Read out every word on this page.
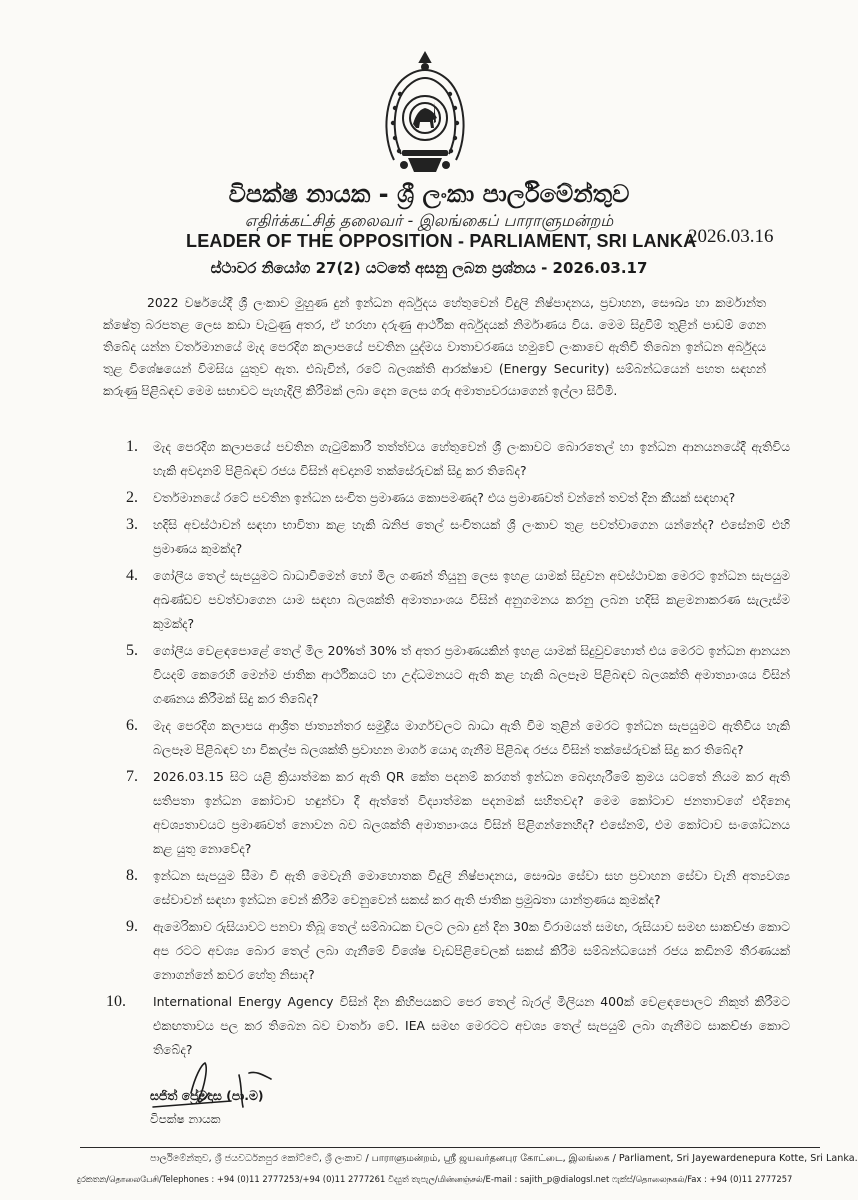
විපක්ෂ නායක - ශ්‍රී ලංකා පාර්ලිමේන්තුව
எதிர்க்கட்சித் தலைவர் - இலங்கைப் பாராளுமன்றம்
LEADER OF THE OPPOSITION - PARLIAMENT, SRI LANKA
2026.03.16
ස්ථාවර නියෝග 27(2) යටතේ අසනු ලබන ප්‍රශ්නය - 2026.03.17

2022 වර්ෂයේදී ශ්‍රී ලංකාව මුහුණ දුන් ඉන්ධන අර්බුදය හේතුවෙන් විදුලි නිෂ්පාදනය, ප්‍රවාහන, සෞඛ්‍ය හා කර්මාන්ත ක්ෂේත්‍ර බරපතළ ලෙස කඩා වැටුණු අතර, ඒ හරහා දරුණු ආර්ථික අර්බුදයක් නිර්මාණය විය. මෙම සිදුවීම් තුළින් පාඩම් ගෙන තිබේද යන්න වර්තමානයේ මැද පෙරදිග කලාපයේ පවතින යුද්මය වාතාවරණය හමුවේ ලංකාවෙ ඇතිවී තිබෙන ඉන්ධන අර්බුදය තුළ විශේෂයෙන් විමසිය යුතුව ඇත. එබැවින්, රටේ බලශක්ති ආරක්ෂාව (Energy Security) සම්බන්ධයෙන් පහත සඳහන් කරුණු පිළිබඳව මෙම සභාවට පැහැදිලි කිරීමක් ලබා දෙන ලෙස ගරු අමාත්‍යවරයාගෙන් ඉල්ලා සිටිමි.

1. මැද පෙරදිග කලාපයේ පවතින ගැටුම්කාරී තත්ත්වය හේතුවෙන් ශ්‍රී ලංකාවට බොරතෙල් හා ඉන්ධන ආනයනයේදී ඇතිවිය හැකි අවදානම් පිළිබඳව රජය විසින් අවදානම් තක්සේරුවක් සිදු කර තිබේද?
2. වර්තමානයේ රටේ පවතින ඉන්ධන සංචිත ප්‍රමාණය කොපමණද? එය ප්‍රමාණවත් වන්නේ තවත් දින කීයක් සඳහාද?
3. හදිසි අවස්ථාවන් සඳහා භාවිතා කළ හැකි ඛනිජ තෙල් සංචිතයක් ශ්‍රී ලංකාව තුළ පවත්වාගෙන යන්නේද? එසේනම් එහි ප්‍රමාණය කුමක්ද?
4. ගෝලීය තෙල් සැපයුමට බාධාවීමෙන් හෝ මිල ගණන් තියුනු ලෙස ඉහළ යාමක් සිදුවන අවස්ථාවක මෙරට ඉන්ධන සැපයුම අඛණ්ඩව පවත්වාගෙන යාම සඳහා බලශක්ති අමාත්‍යාංශය විසින් අනුගමනය කරනු ලබන හදිසි කළමනාකරණ සැලැස්ම කුමක්ද?
5. ගෝලීය වෙළඳපොළේ තෙල් මිල 20%ත් 30% ත් අතර ප්‍රමාණයකින් ඉහළ යාමක් සිදුවුවහොත් එය මෙරට ඉන්ධන ආනයන වියදම් කෙරෙහි මෙන්ම ජාතික ආර්ථිකයට හා උද්ධමනයට ඇති කළ හැකි බලපෑම පිළිබඳව බලශක්ති අමාත්‍යාංශය විසින් ගණනය කිරීමක් සිදු කර තිබේද?
6. මැද පෙරදිග කලාපය ආශ්‍රිත ජාත්‍යන්තර සමුද්‍රීය මාර්ගවලට බාධා ඇති වීම තුළින් මෙරට ඉන්ධන සැපයුමට ඇතිවිය හැකි බලපෑම පිළිබඳව හා විකල්ප බලශක්ති ප්‍රවාහන මාර්ග යොදා ගැනීම පිළිබඳ රජය විසින් තක්සේරුවක් සිදු කර තිබේද?
7. 2026.03.15 සිට යළි ක්‍රියාත්මක කර ඇති QR කේත පදනම් කරගත් ඉන්ධන බෙදාහැරීමේ ක්‍රමය යටතේ නියම කර ඇති සතිපතා ඉන්ධන කෝටාව හඳුන්වා දී ඇත්තේ විද්‍යාත්මක පදනමක් සහිතවද? මෙම කෝටාව ජනතාවගේ එදිනෙදා අවශ්‍යතාවයට ප්‍රමාණවත් නොවන බව බලශක්ති අමාත්‍යාංශය විසින් පිළිගන්නෙහිද? එසේනම්, එම කෝටාව සංශෝධනය කළ යුතු නොවේද?
8. ඉන්ධන සැපයුම සීමා වී ඇති මෙවැනි මොහොතක විදුලි නිෂ්පාදනය, සෞඛ්‍ය සේවා සහ ප්‍රවාහන සේවා වැනි අත්‍යවශ්‍ය සේවාවන් සඳහා ඉන්ධන වෙන් කිරීම වෙනුවෙන් සකස් කර ඇති ජාතික ප්‍රමුඛතා යාන්ත්‍රණය කුමක්ද?
9. ඇමෙරිකාව රුසියාවට පනවා තිබූ තෙල් සම්බාධක වලට ලබා දුන් දින 30ක විරාමයත් සමඟ, රුසියාව සමඟ සාකච්ඡා කොට අප රටට අවශ්‍ය බොර තෙල් ලබා ගැනීමේ විශේෂ වැඩපිළිවෙලක් සකස් කිරීම සම්බන්ධයෙන් රජය කඩිනම් තීරණයක් නොගන්නේ කවර හේතු නිසාද?
10. International Energy Agency විසින් දින කිහිපයකට පෙර තෙල් බැරල් මිලියන 400ක් වෙළඳපොලට නිකුත් කිරීමට එකඟතාවය පල කර තිබෙන බව වාර්තා වේ. IEA සමඟ මෙරටට අවශ්‍ය තෙල් සැපයුම් ලබා ගැනීමට සාකච්ඡා කොට තිබේද?
සජිත් ප්‍රේමදාස (පා.ම)
විපක්ෂ නායක
පාර්ලිමේන්තුව, ශ්‍රී ජයවර්ධනපුර කෝට්ටේ, ශ්‍රී ලංකාව / பாராளுமன்றம், ஸ்ரீ ஜயவர்தனபுர கோட்டை, இலங்கை / Parliament, Sri Jayewardenepura Kotte, Sri Lanka.
දුරකතන/தொலைபேசி/Telephones : +94 (0)11 2777253/+94 (0)11 2777261 විද්‍යුත් තැපැල/மின்னஞ்சல்/E-mail : sajith_p@dialogsl.net ෆැක්ස්/தொலைநகல்/Fax : +94 (0)11 2777257
